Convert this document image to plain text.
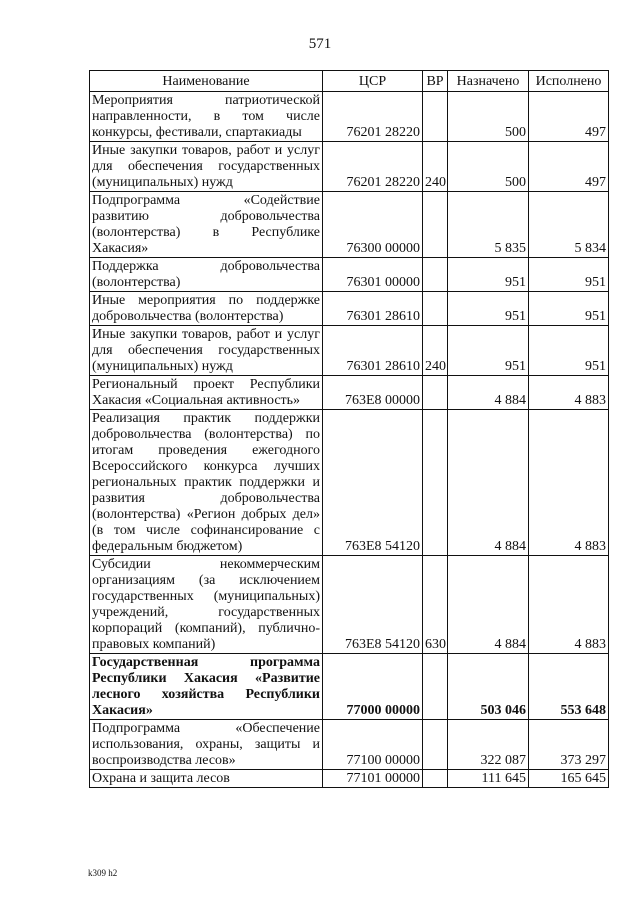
571
Наименование	ЦСР	ВР	Назначено	Исполнено
Мероприятия патриотической направленности, в том числе конкурсы, фестивали, спартакиады	76201 28220		500	497
Иные закупки товаров, работ и услуг для обеспечения государственных (муниципальных) нужд	76201 28220	240	500	497
Подпрограмма «Содействие развитию добровольчества (волонтерства) в Республике Хакасия»	76300 00000		5 835	5 834
Поддержка добровольчества (волонтерства)	76301 00000		951	951
Иные мероприятия по поддержке добровольчества (волонтерства)	76301 28610		951	951
Иные закупки товаров, работ и услуг для обеспечения государственных (муниципальных) нужд	76301 28610	240	951	951
Региональный проект Республики Хакасия «Социальная активность»	763E8 00000		4 884	4 883
Реализация практик поддержки добровольчества (волонтерства) по итогам проведения ежегодного Всероссийского конкурса лучших региональных практик поддержки и развития добровольчества (волонтерства) «Регион добрых дел» (в том числе софинансирование с федеральным бюджетом)	763E8 54120		4 884	4 883
Субсидии некоммерческим организациям (за исключением государственных (муниципальных) учреждений, государственных корпораций (компаний), публично-правовых компаний)	763E8 54120	630	4 884	4 883
Государственная программа Республики Хакасия «Развитие лесного хозяйства Республики Хакасия»	77000 00000		503 046	553 648
Подпрограмма «Обеспечение использования, охраны, защиты и воспроизводства лесов»	77100 00000		322 087	373 297
Охрана и защита лесов	77101 00000		111 645	165 645
k309 h2
